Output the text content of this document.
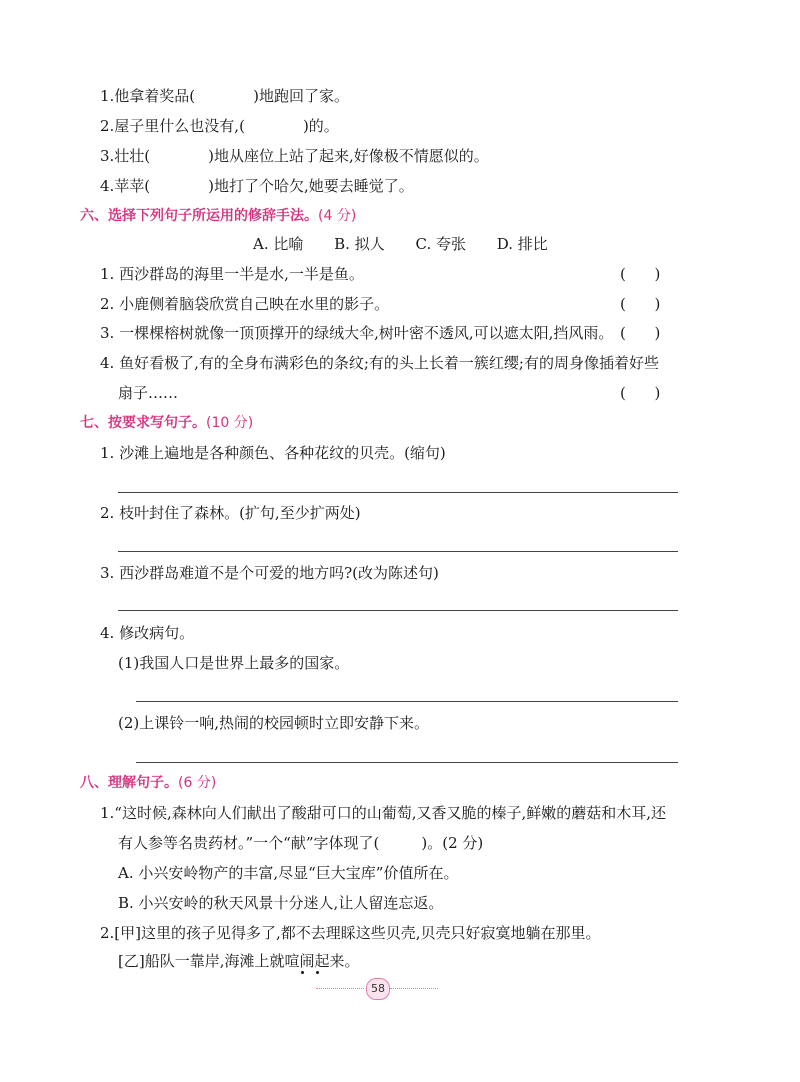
1.他拿着奖品(	)地跑回了家。
2.屋子里什么也没有,(	)的。
3.壮壮(	)地从座位上站了起来,好像极不情愿似的。
4.苹苹(	)地打了个哈欠,她要去睡觉了。
六、选择下列句子所运用的修辞手法。(4 分)
A. 比喻 B. 拟人 C. 夸张 D. 排比
1. 西沙群岛的海里一半是水,一半是鱼。	(      )
2. 小鹿侧着脑袋欣赏自己映在水里的影子。	(      )
3. 一棵棵榕树就像一顶顶撑开的绿绒大伞,树叶密不透风,可以遮太阳,挡风雨。 (      )
4. 鱼好看极了,有的全身布满彩色的条纹;有的头上长着一簇红缨;有的周身像插着好些
扇子……	(      )
七、按要求写句子。(10 分)
1. 沙滩上遍地是各种颜色、各种花纹的贝壳。(缩句)
2. 枝叶封住了森林。(扩句,至少扩两处)
3. 西沙群岛难道不是个可爱的地方吗?(改为陈述句)
4. 修改病句。
(1)我国人口是世界上最多的国家。
(2)上课铃一响,热闹的校园顿时立即安静下来。
八、理解句子。(6 分)
1.“这时候,森林向人们献出了酸甜可口的山葡萄,又香又脆的榛子,鲜嫩的蘑菇和木耳,还
有人参等名贵药材。”一个“献”字体现了(	)。(2 分)
A. 小兴安岭物产的丰富,尽显“巨大宝库”价值所在。
B. 小兴安岭的秋天风景十分迷人,让人留连忘返。
2.[甲]这里的孩子见得多了,都不去理睬这些贝壳,贝壳只好寂寞地躺在那里。
[乙]船队一靠岸,海滩上就喧闹起来。
58
